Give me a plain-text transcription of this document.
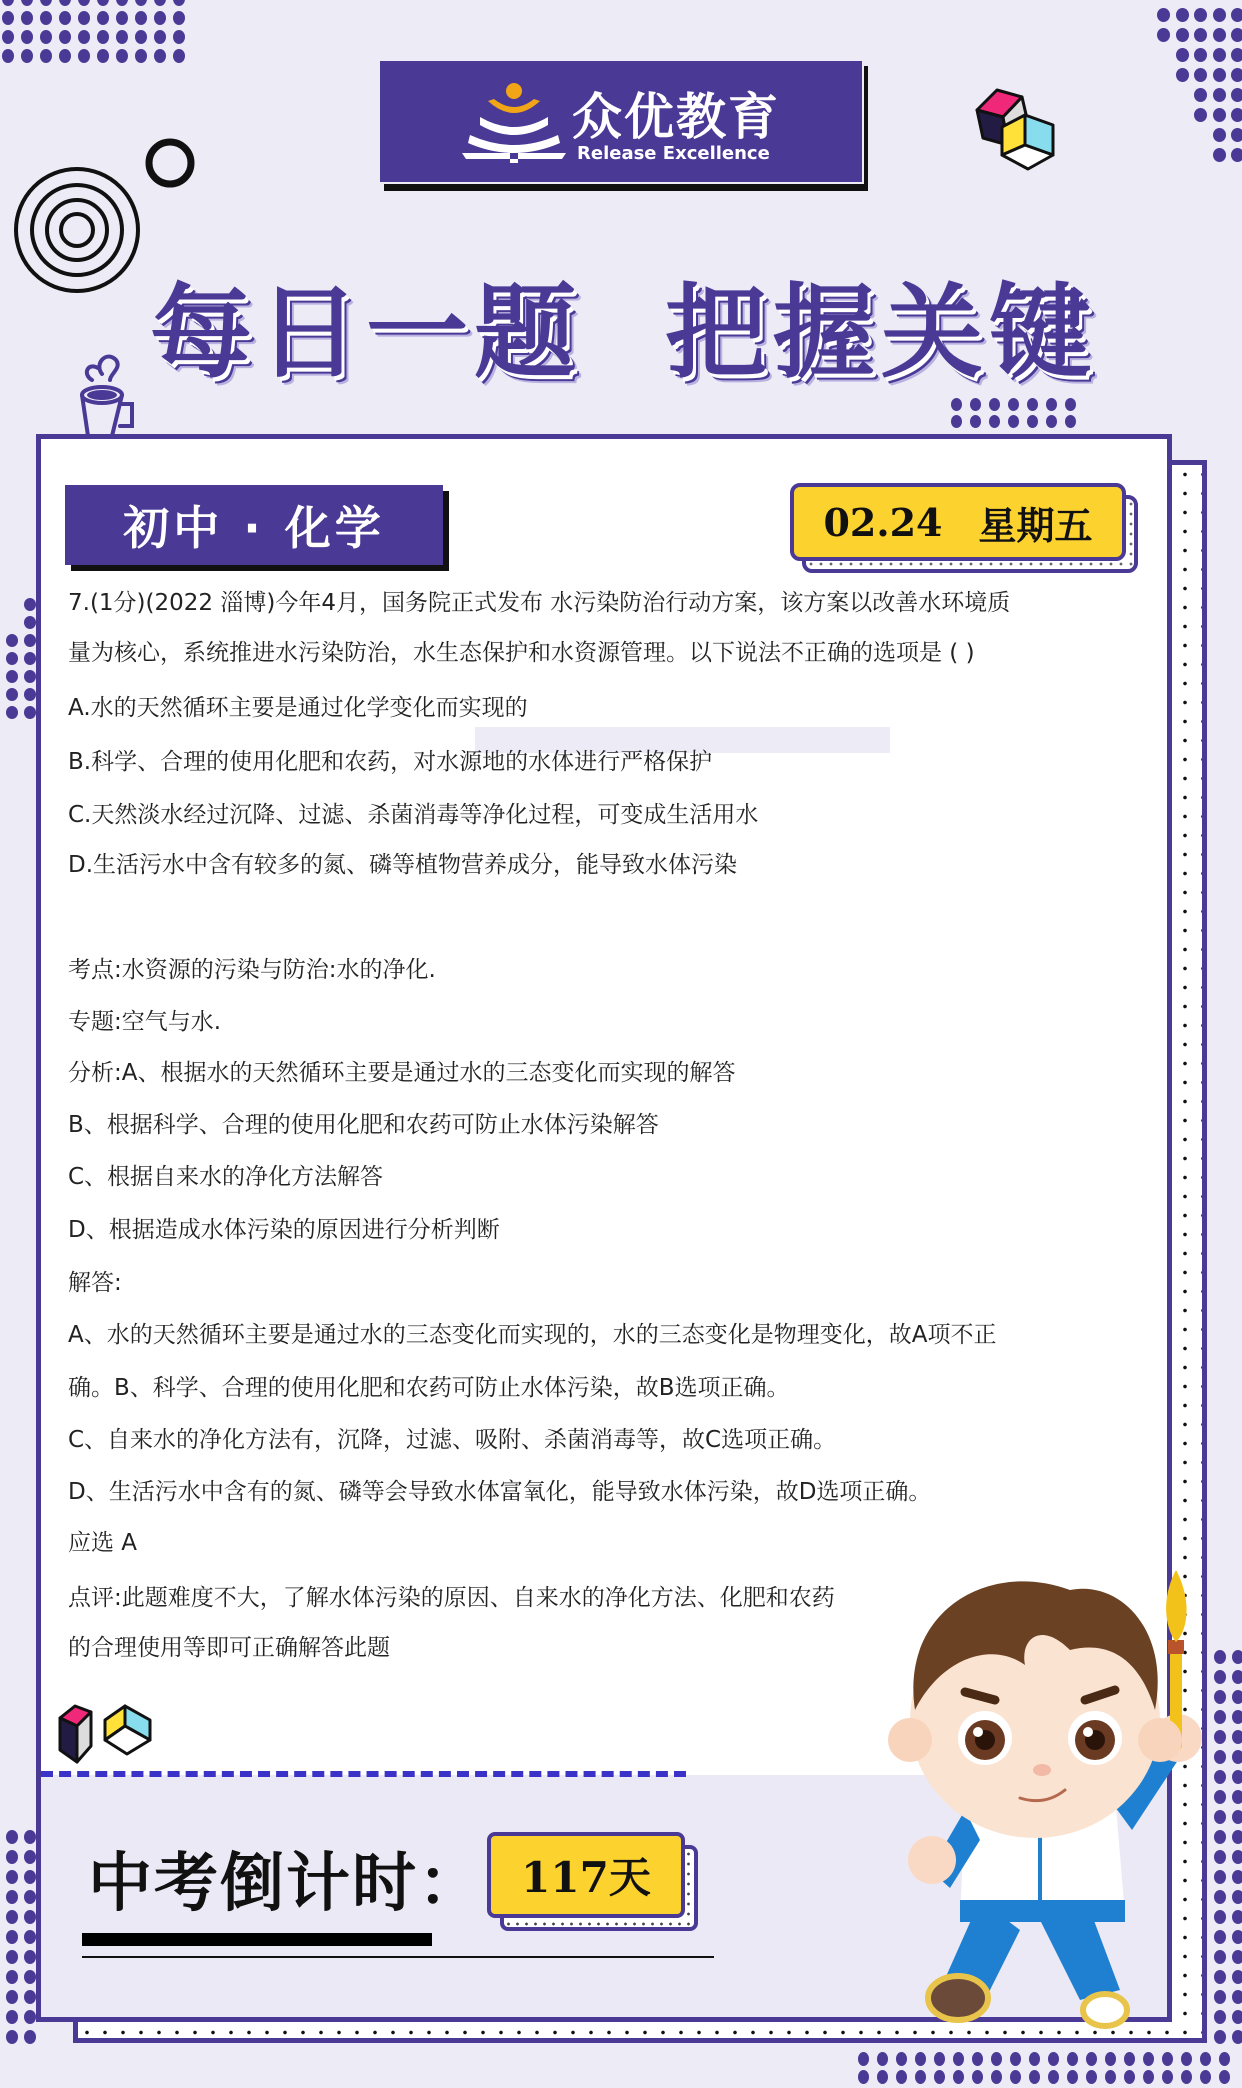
众优教育
Release Excellence
每日一题  把握关键
初中 · 化学	02.24 星期五
7.(1分)(2022 淄博)今年4月，国务院正式发布 水污染防治行动方案，该方案以改善水环境质
量为核心，系统推进水污染防治，水生态保护和水资源管理。以下说法不正确的选项是 ( )
A.水的天然循环主要是通过化学变化而实现的
B.科学、合理的使用化肥和农药，对水源地的水体进行严格保护
C.天然淡水经过沉降、过滤、杀菌消毒等净化过程，可变成生活用水
D.生活污水中含有较多的氮、磷等植物营养成分，能导致水体污染
考点:水资源的污染与防治:水的净化.
专题:空气与水.
分析:A、根据水的天然循环主要是通过水的三态变化而实现的解答
B、根据科学、合理的使用化肥和农药可防止水体污染解答
C、根据自来水的净化方法解答
D、根据造成水体污染的原因进行分析判断
解答:
A、水的天然循环主要是通过水的三态变化而实现的，水的三态变化是物理变化，故A项不正
确。B、科学、合理的使用化肥和农药可防止水体污染，故B选项正确。
C、自来水的净化方法有，沉降，过滤、吸附、杀菌消毒等，故C选项正确。
D、生活污水中含有的氮、磷等会导致水体富氧化，能导致水体污染，故D选项正确。
应选 A
点评:此题难度不大，了解水体污染的原因、自来水的净化方法、化肥和农药
的合理使用等即可正确解答此题
中考倒计时： 117天
